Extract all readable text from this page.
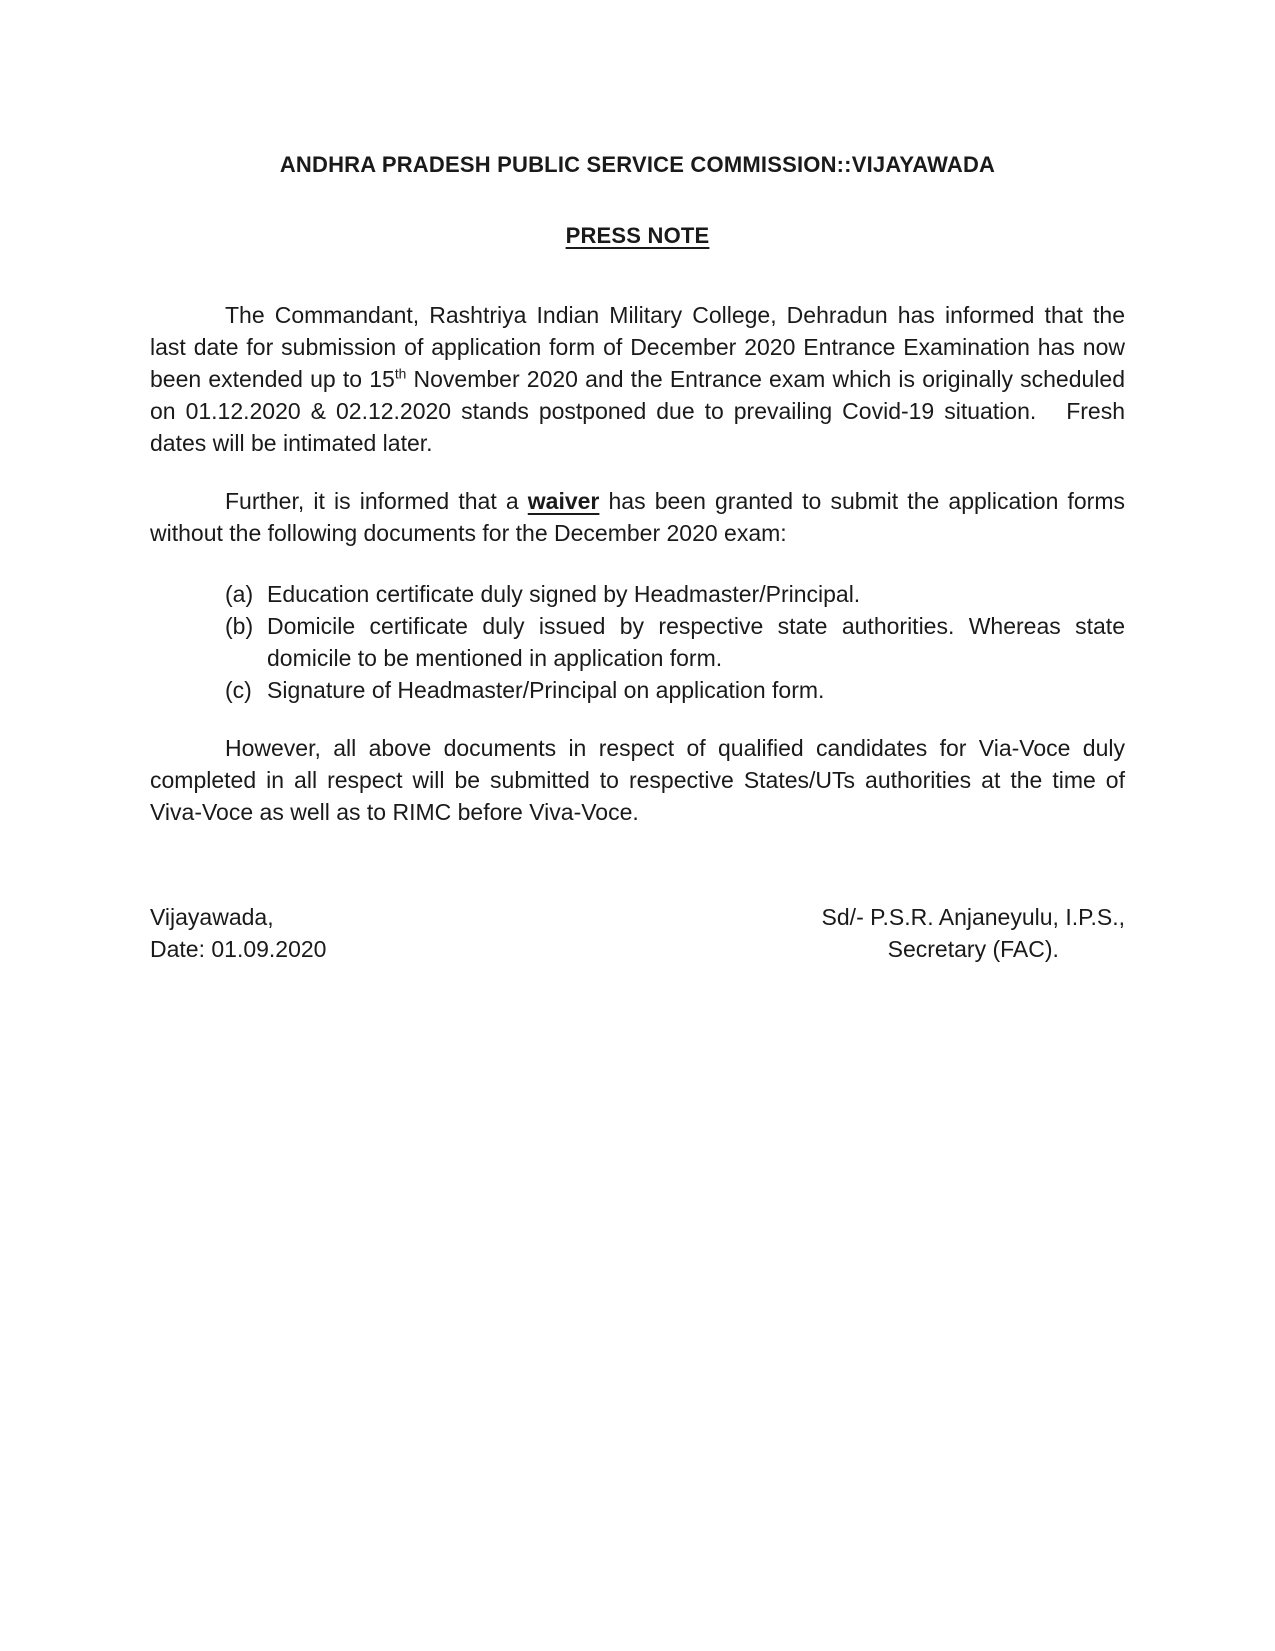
ANDHRA PRADESH PUBLIC SERVICE COMMISSION::VIJAYAWADA
PRESS NOTE

The Commandant, Rashtriya Indian Military College, Dehradun has informed that the last date for submission of application form of December 2020 Entrance Examination has now been extended up to 15th November 2020 and the Entrance exam which is originally scheduled on 01.12.2020 & 02.12.2020 stands postponed due to prevailing Covid-19 situation.   Fresh dates will be intimated later.

Further, it is informed that a waiver has been granted to submit the application forms without the following documents for the December 2020 exam:

(a) Education certificate duly signed by Headmaster/Principal.
(b) Domicile certificate duly issued by respective state authorities. Whereas state domicile to be mentioned in application form.
(c) Signature of Headmaster/Principal on application form.

However, all above documents in respect of qualified candidates for Via-Voce duly completed in all respect will be submitted to respective States/UTs authorities at the time of Viva-Voce as well as to RIMC before Viva-Voce.

Vijayawada,
Date: 01.09.2020
Sd/- P.S.R. Anjaneyulu, I.P.S.,
Secretary (FAC).
